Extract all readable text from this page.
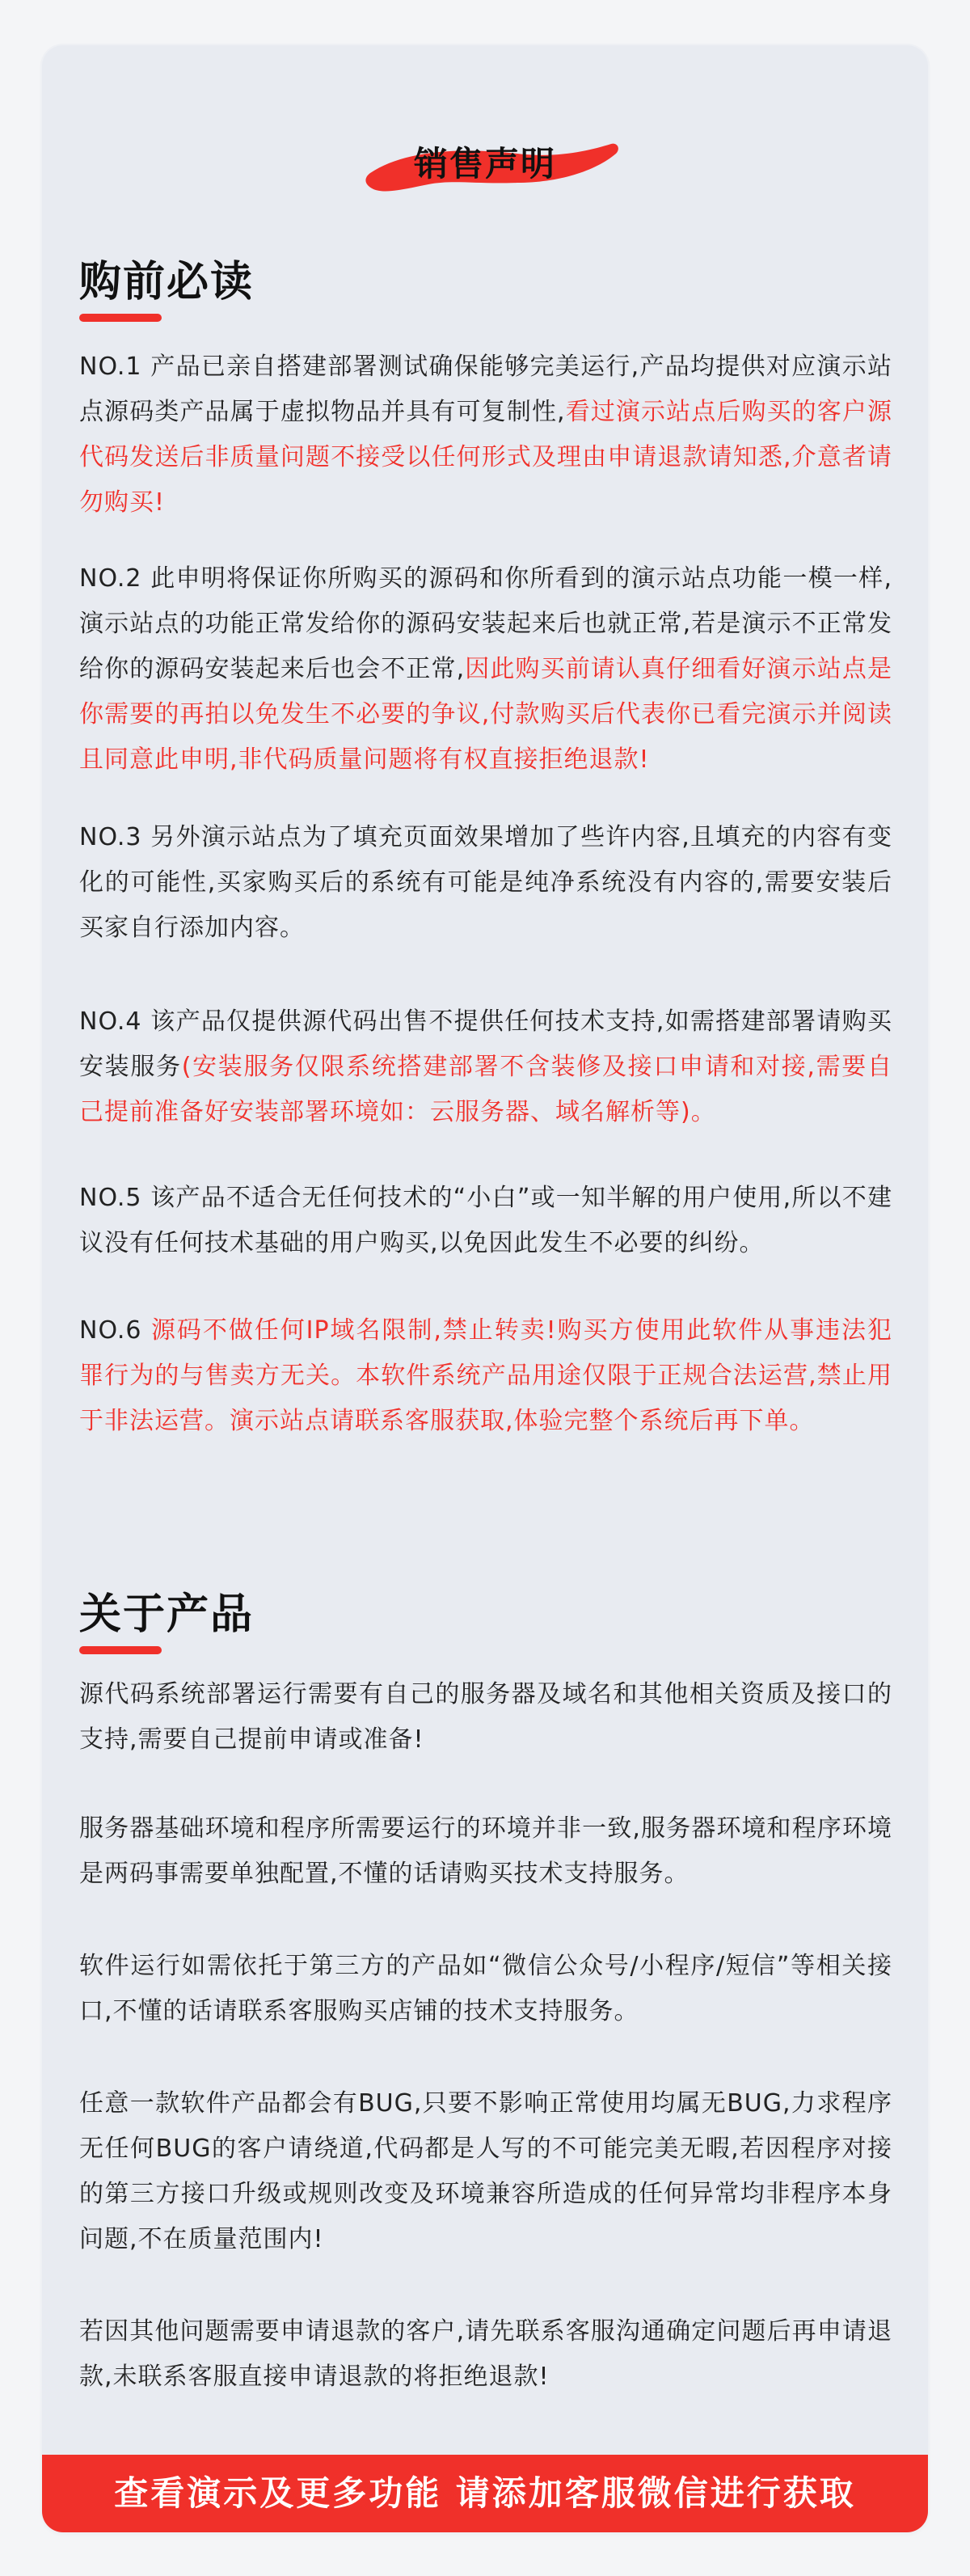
销售声明
购前必读

NO.1 产品已亲自搭建部署测试确保能够完美运行,产品均提供对应演示站点源码类产品属于虚拟物品并具有可复制性,看过演示站点后购买的客户源代码发送后非质量问题不接受以任何形式及理由申请退款请知悉,介意者请勿购买!

NO.2 此申明将保证你所购买的源码和你所看到的演示站点功能一模一样,演示站点的功能正常发给你的源码安装起来后也就正常,若是演示不正常发给你的源码安装起来后也会不正常,因此购买前请认真仔细看好演示站点是你需要的再拍以免发生不必要的争议,付款购买后代表你已看完演示并阅读且同意此申明,非代码质量问题将有权直接拒绝退款!

NO.3 另外演示站点为了填充页面效果增加了些许内容,且填充的内容有变化的可能性,买家购买后的系统有可能是纯净系统没有内容的,需要安装后买家自行添加内容。

NO.4 该产品仅提供源代码出售不提供任何技术支持,如需搭建部署请购买安装服务(安装服务仅限系统搭建部署不含装修及接口申请和对接,需要自己提前准备好安装部署环境如：云服务器、域名解析等)。

NO.5 该产品不适合无任何技术的“小白”或一知半解的用户使用,所以不建议没有任何技术基础的用户购买,以免因此发生不必要的纠纷。

NO.6 源码不做任何IP域名限制,禁止转卖!购买方使用此软件从事违法犯罪行为的与售卖方无关。本软件系统产品用途仅限于正规合法运营,禁止用于非法运营。演示站点请联系客服获取,体验完整个系统后再下单。

关于产品

源代码系统部署运行需要有自己的服务器及域名和其他相关资质及接口的支持,需要自己提前申请或准备!

服务器基础环境和程序所需要运行的环境并非一致,服务器环境和程序环境是两码事需要单独配置,不懂的话请购买技术支持服务。

软件运行如需依托于第三方的产品如“微信公众号/小程序/短信”等相关接口,不懂的话请联系客服购买店铺的技术支持服务。

任意一款软件产品都会有BUG,只要不影响正常使用均属无BUG,力求程序无任何BUG的客户请绕道,代码都是人写的不可能完美无暇,若因程序对接的第三方接口升级或规则改变及环境兼容所造成的任何异常均非程序本身问题,不在质量范围内!

若因其他问题需要申请退款的客户,请先联系客服沟通确定问题后再申请退款,未联系客服直接申请退款的将拒绝退款!

查看演示及更多功能 请添加客服微信进行获取
